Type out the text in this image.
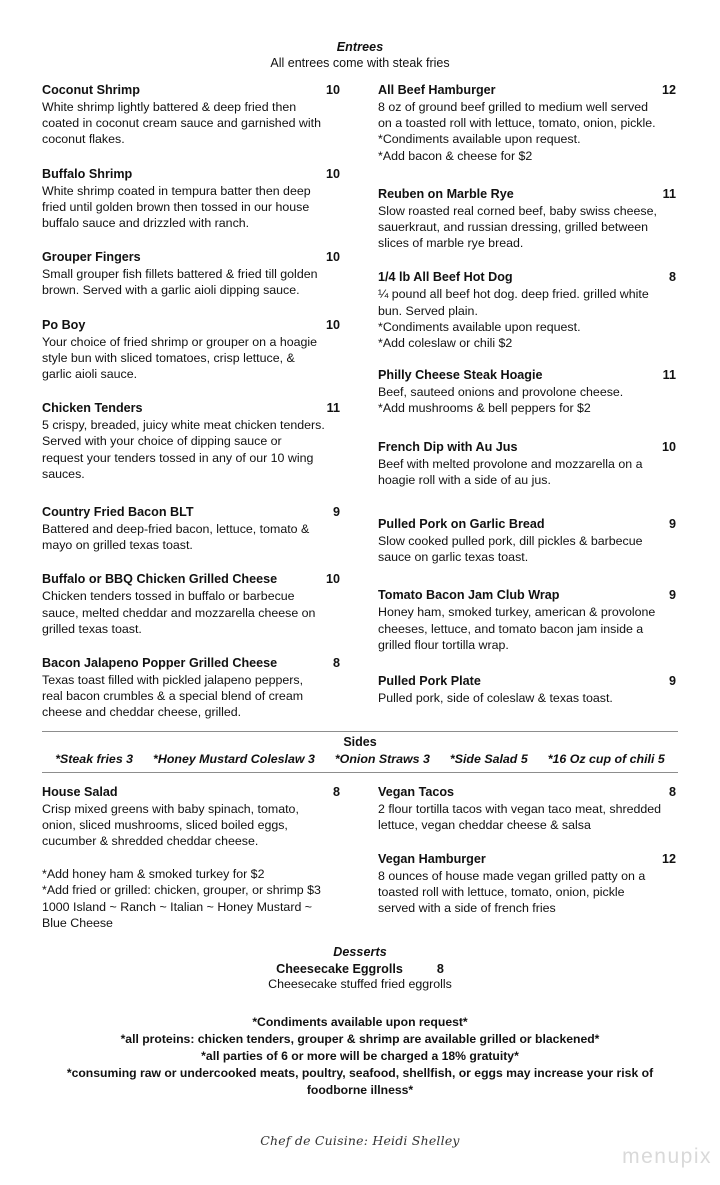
Entrees
All entrees come with steak fries
Coconut Shrimp	10
White shrimp lightly battered & deep fried then
coated in coconut cream sauce and garnished with
coconut flakes.
Buffalo Shrimp	10
White shrimp coated in tempura batter then deep
fried until golden brown then tossed in our house
buffalo sauce and drizzled with ranch.
Grouper Fingers	10
Small grouper fish fillets battered & fried till golden
brown. Served with a garlic aioli dipping sauce.
Po Boy	10
Your choice of fried shrimp or grouper on a hoagie
style bun with sliced tomatoes, crisp lettuce, &
garlic aioli sauce.
Chicken Tenders	11
5 crispy, breaded, juicy white meat chicken tenders.
Served with your choice of dipping sauce or
request your tenders tossed in any of our 10 wing
sauces.
Country Fried Bacon BLT	9
Battered and deep-fried bacon, lettuce, tomato &
mayo on grilled texas toast.
Buffalo or BBQ Chicken Grilled Cheese	10
Chicken tenders tossed in buffalo or barbecue
sauce, melted cheddar and mozzarella cheese on
grilled texas toast.
Bacon Jalapeno Popper Grilled Cheese	8
Texas toast filled with pickled jalapeno peppers,
real bacon crumbles & a special blend of cream
cheese and cheddar cheese, grilled.
All Beef Hamburger	12
8 oz of ground beef grilled to medium well served
on a toasted roll with lettuce, tomato, onion, pickle.
*Condiments available upon request.
*Add bacon & cheese for $2
Reuben on Marble Rye	11
Slow roasted real corned beef, baby swiss cheese,
sauerkraut, and russian dressing, grilled between
slices of marble rye bread.
1/4 lb All Beef Hot Dog	8
¼ pound all beef hot dog. deep fried. grilled white
bun. Served plain.
*Condiments available upon request.
*Add coleslaw or chili $2
Philly Cheese Steak Hoagie	11
Beef, sauteed onions and provolone cheese.
*Add mushrooms & bell peppers for $2
French Dip with Au Jus	10
Beef with melted provolone and mozzarella on a
hoagie roll with a side of au jus.
Pulled Pork on Garlic Bread	9
Slow cooked pulled pork, dill pickles & barbecue
sauce on garlic texas toast.
Tomato Bacon Jam Club Wrap	9
Honey ham, smoked turkey, american & provolone
cheeses, lettuce, and tomato bacon jam inside a
grilled flour tortilla wrap.
Pulled Pork Plate	9
Pulled pork, side of coleslaw & texas toast.
Sides
*Steak fries 3 *Honey Mustard Coleslaw 3 *Onion Straws 3 *Side Salad 5 *16 Oz cup of chili 5
House Salad	8
Crisp mixed greens with baby spinach, tomato,
onion, sliced mushrooms, sliced boiled eggs,
cucumber & shredded cheddar cheese.
*Add honey ham & smoked turkey for $2
*Add fried or grilled: chicken, grouper, or shrimp $3
1000 Island ~ Ranch ~ Italian ~ Honey Mustard ~
Blue Cheese
Vegan Tacos	8
2 flour tortilla tacos with vegan taco meat, shredded
lettuce, vegan cheddar cheese & salsa
Vegan Hamburger	12
8 ounces of house made vegan grilled patty on a
toasted roll with lettuce, tomato, onion, pickle
served with a side of french fries
Desserts
Cheesecake Eggrolls	8
Cheesecake stuffed fried eggrolls
*Condiments available upon request*
*all proteins: chicken tenders, grouper & shrimp are available grilled or blackened*
*all parties of 6 or more will be charged a 18% gratuity*
*consuming raw or undercooked meats, poultry, seafood, shellfish, or eggs may increase your risk of
foodborne illness*
Chef de Cuisine: Heidi Shelley
menupix
